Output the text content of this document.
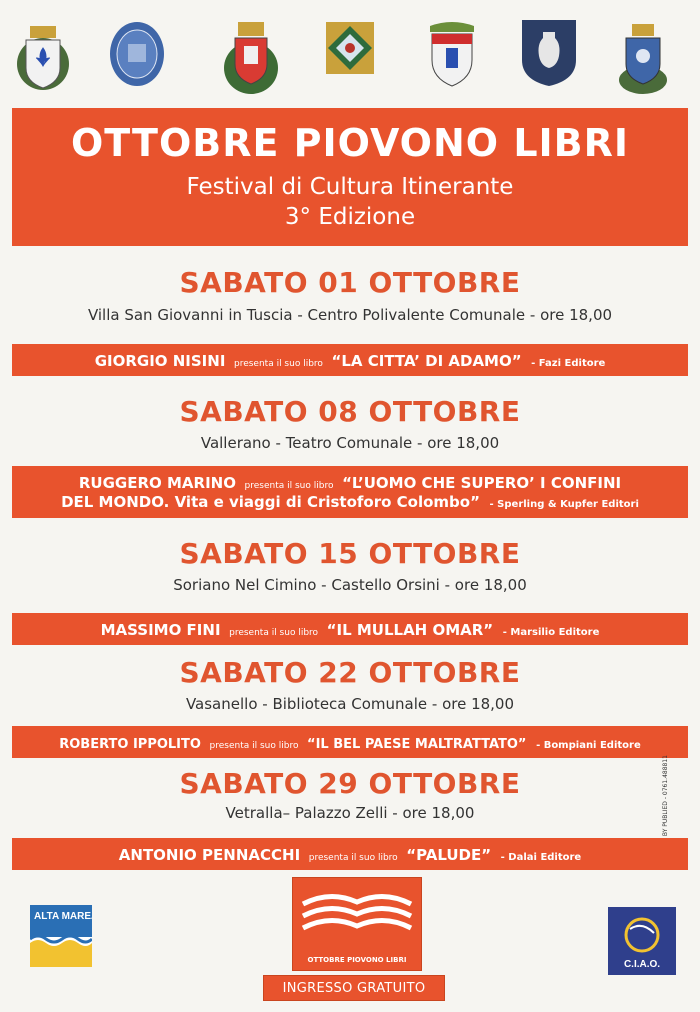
OTTOBRE PIOVONO LIBRI
Festival di Cultura Itinerante
3° Edizione
SABATO 01 OTTOBRE
Villa San Giovanni in Tuscia - Centro Polivalente Comunale - ore 18,00
GIORGIO NISINI presenta il suo libro “LA CITTA’ DI ADAMO” - Fazi Editore
SABATO 08 OTTOBRE
Vallerano - Teatro Comunale - ore 18,00
RUGGERO MARINO presenta il suo libro “L’UOMO CHE SUPERO’ I CONFINI
DEL MONDO. Vita e viaggi di Cristoforo Colombo” - Sperling & Kupfer Editori
SABATO 15 OTTOBRE
Soriano Nel Cimino - Castello Orsini - ore 18,00
MASSIMO FINI presenta il suo libro “IL MULLAH OMAR” - Marsilio Editore
SABATO 22 OTTOBRE
Vasanello - Biblioteca Comunale - ore 18,00
ROBERTO IPPOLITO presenta il suo libro “IL BEL PAESE MALTRATTATO” - Bompiani Editore
SABATO 29 OTTOBRE
Vetralla– Palazzo Zelli - ore 18,00
ANTONIO PENNACCHI presenta il suo libro “PALUDE” - Dalai Editore
BY PUBLIED - 0761.488811
ALTA MAREA
OTTOBRE PIOVONO LIBRI	C.I.A.O.
INGRESSO GRATUITO
